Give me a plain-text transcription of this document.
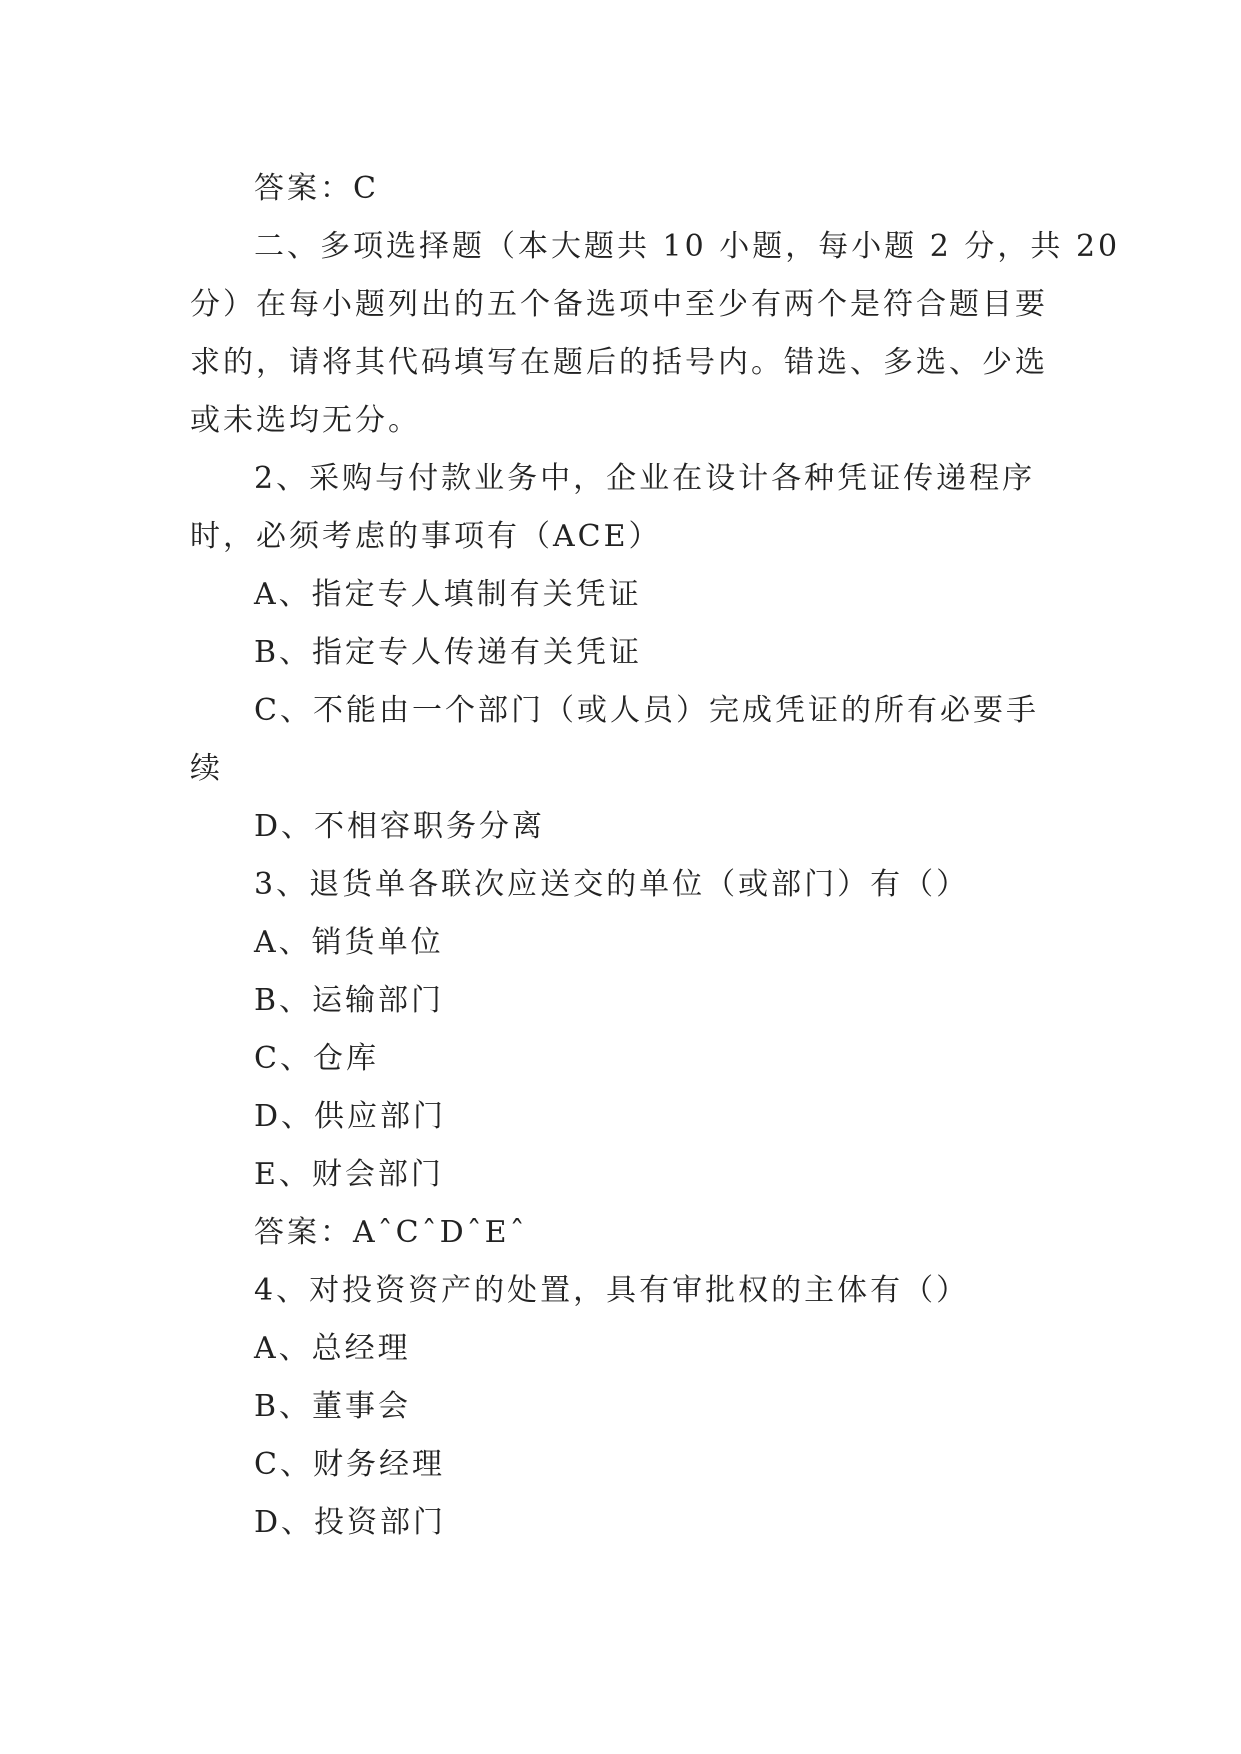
答案：C
二、多项选择题（本大题共 10 小题，每小题 2 分，共 20
分）在每小题列出的五个备选项中至少有两个是符合题目要
求的，请将其代码填写在题后的括号内。错选、多选、少选
或未选均无分。
2、采购与付款业务中，企业在设计各种凭证传递程序
时，必须考虑的事项有（ACE）
A、指定专人填制有关凭证
B、指定专人传递有关凭证
C、不能由一个部门（或人员）完成凭证的所有必要手
续
D、不相容职务分离
3、退货单各联次应送交的单位（或部门）有（）
A、销货单位
B、运输部门
C、仓库
D、供应部门
E、财会部门
答案：AˆCˆDˆEˆ
4、对投资资产的处置，具有审批权的主体有（）
A、总经理
B、董事会
C、财务经理
D、投资部门
